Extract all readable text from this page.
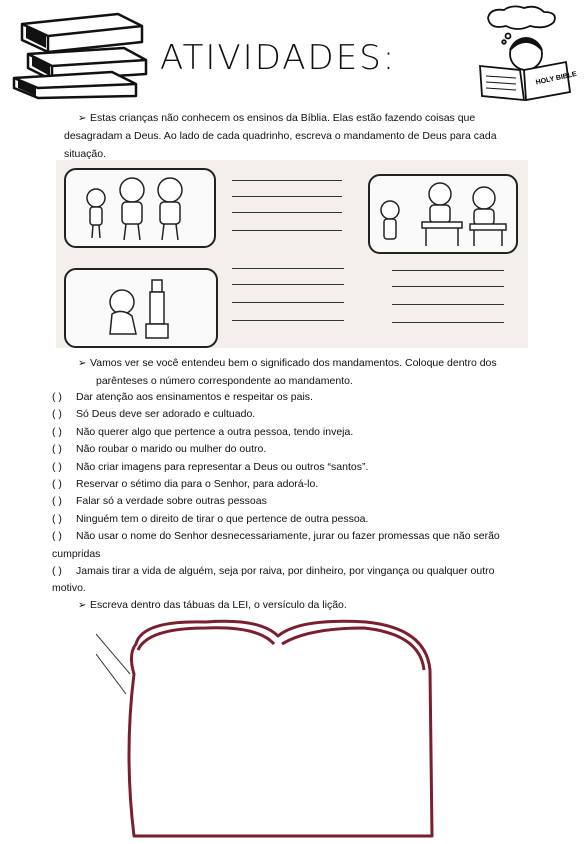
ATIVIDADES:
HOLY BIBLE
➢ Estas crianças não conhecem os ensinos da Bíblia. Elas estão fazendo coisas que
desagradam a Deus. Ao lado de cada quadrinho, escreva o mandamento de Deus para cada
situação.
➢ Vamos ver se você entendeu bem o significado dos mandamentos. Coloque dentro dos
parênteses o número correspondente ao mandamento.
( ) Dar atenção aos ensinamentos e respeitar os pais.
( ) Só Deus deve ser adorado e cultuado.
( ) Não querer algo que pertence a outra pessoa, tendo inveja.
( ) Não roubar o marido ou mulher do outro.
( ) Não criar imagens para representar a Deus ou outros “santos”.
( ) Reservar o sétimo dia para o Senhor, para adorá-lo.
( ) Falar só a verdade sobre outras pessoas
( ) Ninguém tem o direito de tirar o que pertence de outra pessoa.
( ) Não usar o nome do Senhor desnecessariamente, jurar ou fazer promessas que não serão
cumpridas
( ) Jamais tirar a vida de alguém, seja por raiva, por dinheiro, por vingança ou qualquer outro
motivo.
➢ Escreva dentro das tábuas da LEI, o versículo da lição.
